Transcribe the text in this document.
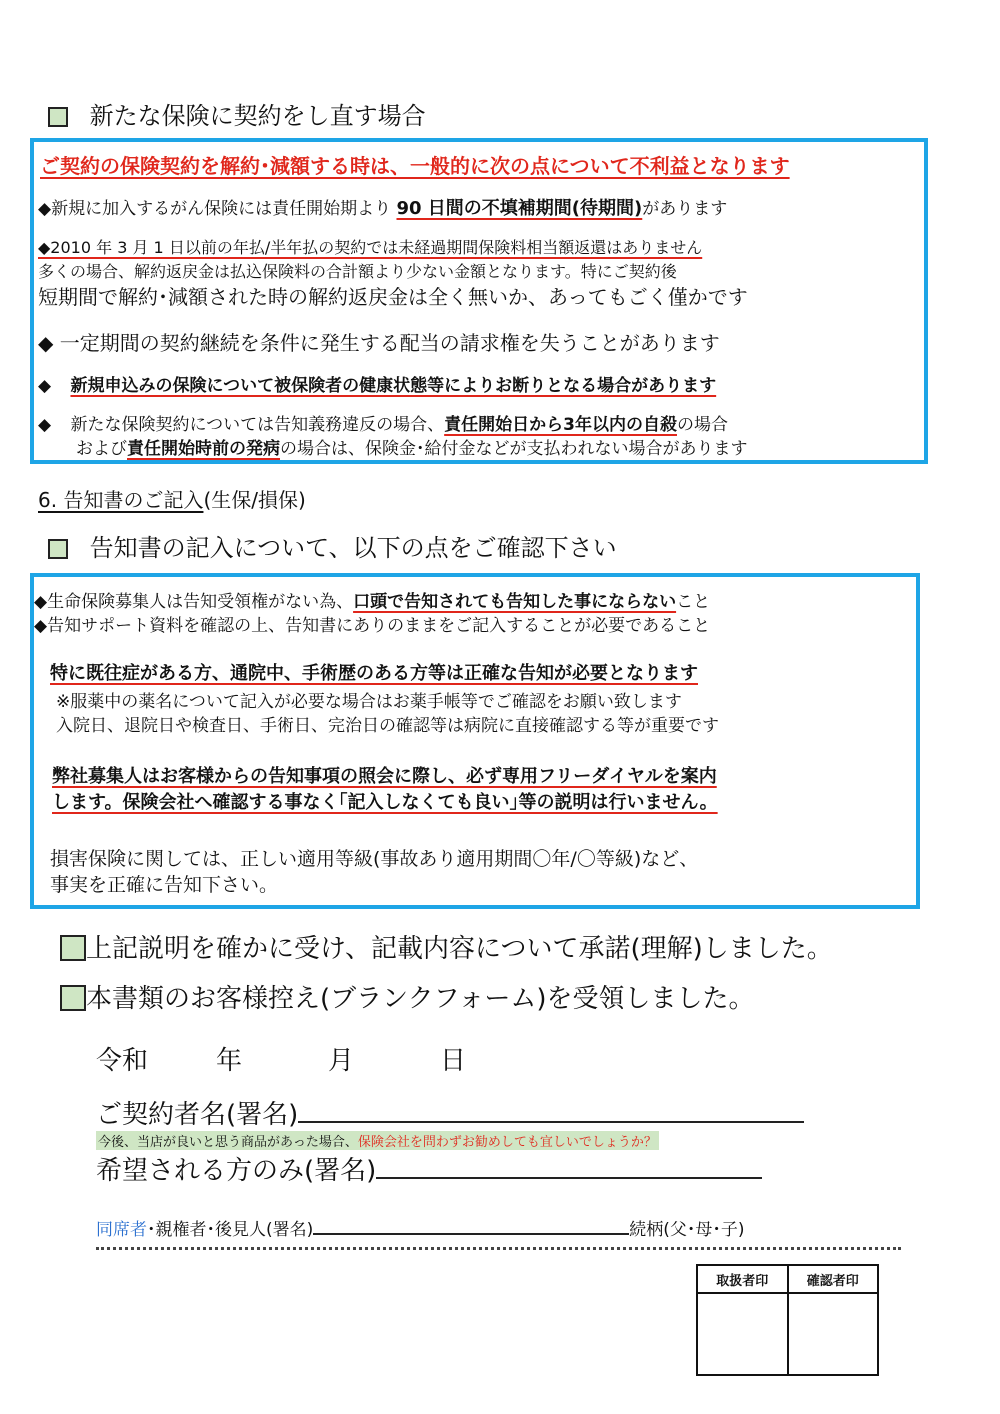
新たな保険に契約をし直す場合
ご契約の保険契約を解約･減額する時は、一般的に次の点について不利益となります
◆新規に加入するがん保険には責任開始期より 90 日間の不填補期間(待期間)があります
◆2010 年 3 月 1 日以前の年払/半年払の契約では未経過期間保険料相当額返還はありません
多くの場合、解約返戻金は払込保険料の合計額より少ない金額となります。特にご契約後
短期間で解約･減額された時の解約返戻金は全く無いか、あってもごく僅かです
◆ 一定期間の契約継続を条件に発生する配当の請求権を失うことがあります
◆ 新規申込みの保険について被保険者の健康状態等によりお断りとなる場合があります
◆ 新たな保険契約については告知義務違反の場合、責任開始日から3年以内の自殺の場合
および責任開始時前の発病の場合は、保険金･給付金などが支払われない場合があります
6. 告知書のご記入(生保/損保)
告知書の記入について、以下の点をご確認下さい
◆生命保険募集人は告知受領権がない為、口頭で告知されても告知した事にならないこと
◆告知サポート資料を確認の上、告知書にありのままをご記入することが必要であること
特に既往症がある方、通院中、手術歴のある方等は正確な告知が必要となります
※服薬中の薬名について記入が必要な場合はお薬手帳等でご確認をお願い致します
入院日、退院日や検査日、手術日、完治日の確認等は病院に直接確認する等が重要です
弊社募集人はお客様からの告知事項の照会に際し、必ず専用フリーダイヤルを案内
します。保険会社へ確認する事なく｢記入しなくても良い｣等の説明は行いません。
損害保険に関しては、正しい適用等級(事故あり適用期間〇年/〇等級)など、
事実を正確に告知下さい。
上記説明を確かに受け、記載内容について承諾(理解)しました。
本書類のお客様控え(ブランクフォーム)を受領しました。
令和	年	月	日
ご契約者名(署名)
今後、当店が良いと思う商品があった場合、保険会社を問わずお勧めしても宜しいでしょうか？
希望される方のみ(署名)
同席者･親権者･後見人(署名)	続柄(父･母･子)
取扱者印	確認者印
